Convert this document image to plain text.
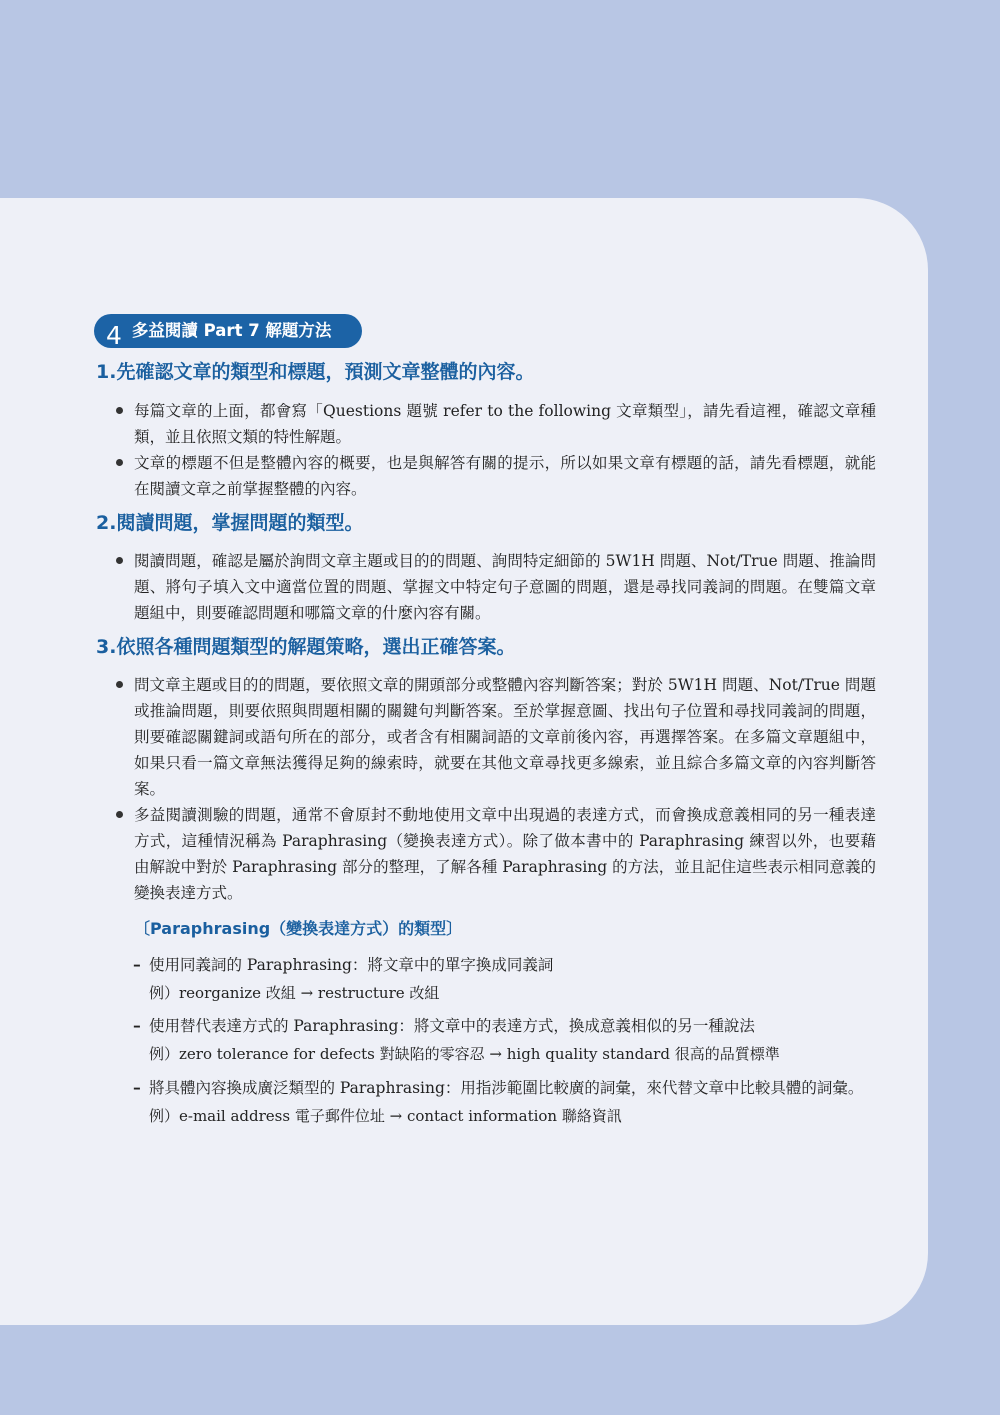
4 多益閱讀 Part 7 解題方法
1.先確認文章的類型和標題，預測文章整體的內容。
每篇文章的上面，都會寫「Questions 題號 refer to the following 文章類型」，請先看這裡，確認文章種類，並且依照文類的特性解題。
文章的標題不但是整體內容的概要，也是與解答有關的提示，所以如果文章有標題的話，請先看標題，就能在閱讀文章之前掌握整體的內容。
2.閱讀問題，掌握問題的類型。
閱讀問題，確認是屬於詢問文章主題或目的的問題、詢問特定細節的 5W1H 問題、Not/True 問題、推論問題、將句子填入文中適當位置的問題、掌握文中特定句子意圖的問題，還是尋找同義詞的問題。在雙篇文章題組中，則要確認問題和哪篇文章的什麼內容有關。
3.依照各種問題類型的解題策略，選出正確答案。
問文章主題或目的的問題，要依照文章的開頭部分或整體內容判斷答案；對於 5W1H 問題、Not/True 問題或推論問題，則要依照與問題相關的關鍵句判斷答案。至於掌握意圖、找出句子位置和尋找同義詞的問題，則要確認關鍵詞或語句所在的部分，或者含有相關詞語的文章前後內容，再選擇答案。在多篇文章題組中，如果只看一篇文章無法獲得足夠的線索時，就要在其他文章尋找更多線索，並且綜合多篇文章的內容判斷答案。
多益閱讀測驗的問題，通常不會原封不動地使用文章中出現過的表達方式，而會換成意義相同的另一種表達方式，這種情況稱為 Paraphrasing（變換表達方式）。除了做本書中的 Paraphrasing 練習以外，也要藉由解說中對於 Paraphrasing 部分的整理，了解各種 Paraphrasing 的方法，並且記住這些表示相同意義的變換表達方式。
〔Paraphrasing（變換表達方式）的類型〕
– 使用同義詞的 Paraphrasing：將文章中的單字換成同義詞
例）reorganize 改組 → restructure 改組
– 使用替代表達方式的 Paraphrasing：將文章中的表達方式，換成意義相似的另一種說法
例）zero tolerance for defects 對缺陷的零容忍 → high quality standard 很高的品質標準
– 將具體內容換成廣泛類型的 Paraphrasing：用指涉範圍比較廣的詞彙，來代替文章中比較具體的詞彙。
例）e-mail address 電子郵件位址 → contact information 聯絡資訊
